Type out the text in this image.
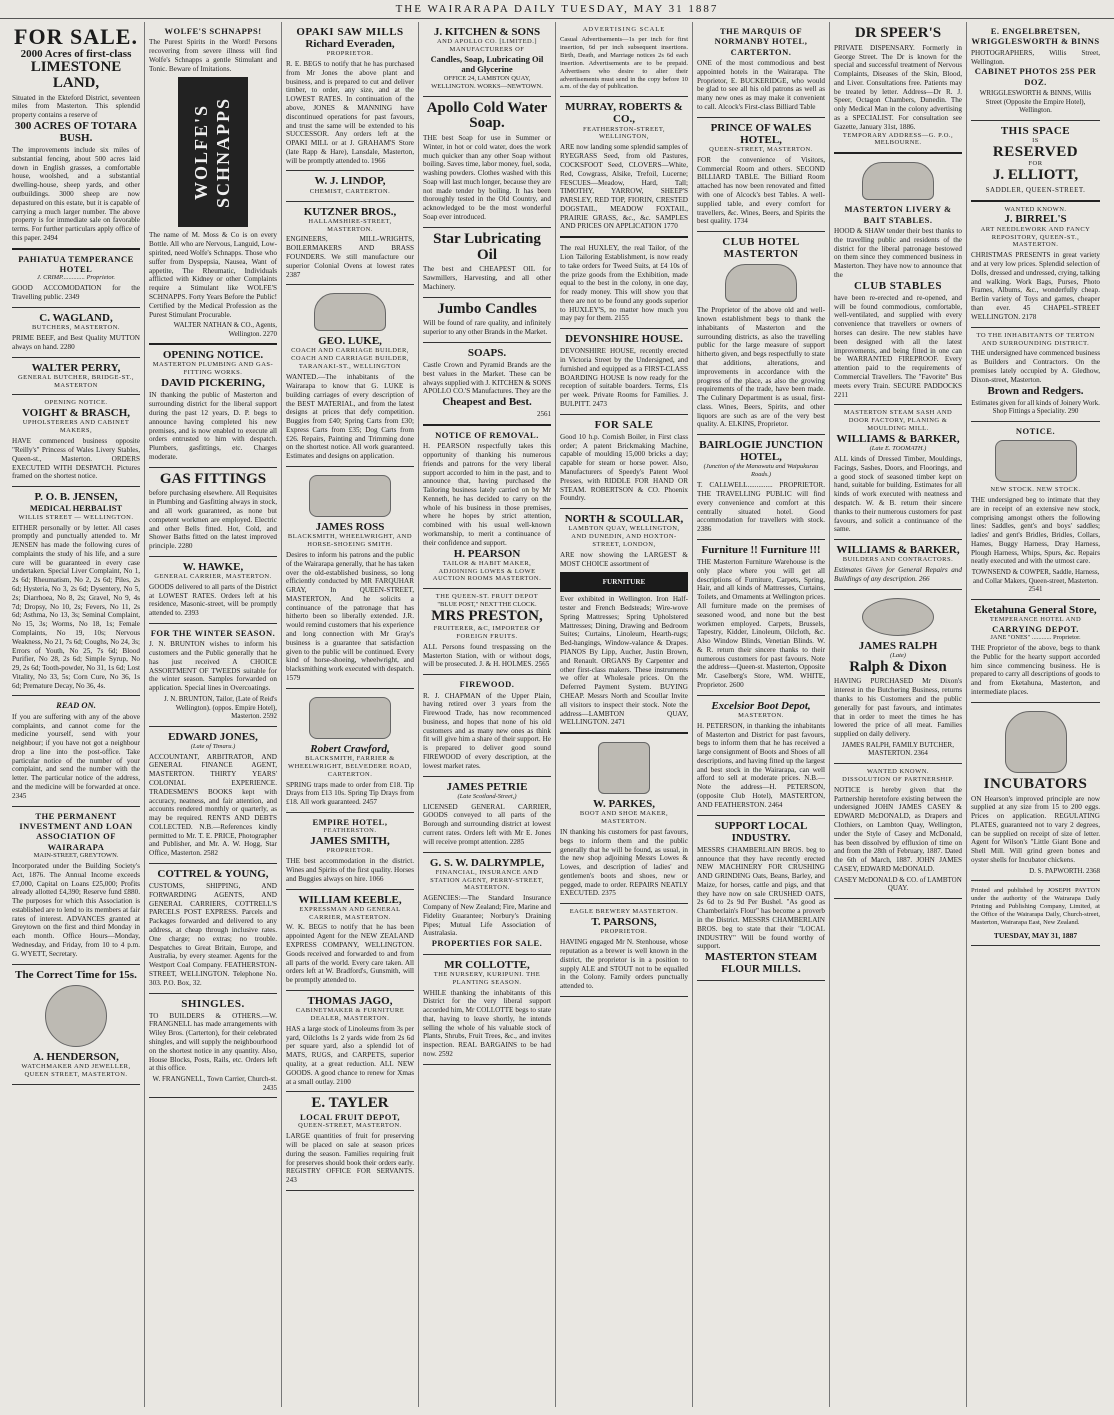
THE WAIRARAPA DAILY TUESDAY, MAY 31 1887
FOR SALE.
2000 Acres of first-class
LIMESTONE LAND,
Situated in the Ekteford District, seventeen miles from Masterton. This splendid property contains a reserve of
300 ACRES OF TOTARA BUSH.
The improvements include six miles of substantial fencing, about 500 acres laid down in English grasses, a comfortable house, woolshed, and a substantial dwelling-house, sheep yards, and other outbuildings. 3000 sheep are now depastured on this estate, but it is capable of carrying a much larger number. The above property is for immediate sale on favorable terms. For further particulars apply office of this paper. 2494
PAHIATUA TEMPERANCE HOTEL
J. CRIMP.............. Proprietor.
GOOD ACCOMODATION for the Travelling public. 2349
C. WAGLAND,
BUTCHERS, MASTERTON.
PRIME BEEF, and Best Quality MUTTON always on hand. 2280
WALTER PERRY,
GENERAL BUTCHER, BRIDGE-ST., MASTERTON
OPENING NOTICE.
VOIGHT & BRASCH,
UPHOLSTERERS AND CABINET MAKERS,
HAVE commenced business opposite "Reilly's" Princess of Wales Livery Stables, Queen-st., Masterton. ORDERS EXECUTED WITH DESPATCH. Pictures framed on the shortest notice.
P. O. B. JENSEN,
MEDICAL HERBALIST
WILLIS STREET — WELLINGTON.
EITHER personally or by letter. All cases promptly and punctually attended to. Mr JENSEN has made the following cures of complaints the study of his life, and a sure cure will be guaranteed in every case undertaken. Special Liver Complaint, No 1, 2s 6d; Rheumatism, No 2, 2s 6d; Piles, 2s 6d; Hysteria, No 3, 2s 6d; Dysentery, No 5, 2s; Diarrhoea, No 8, 2s; Gravel, No 9, 4s 7d; Dropsy, No 10, 2s; Fevers, No 11, 2s 6d; Asthma, No 13, 3s; Seminal Complaint, No 15, 3s; Worms, No 18, 1s; Female Complaints, No 19, 10s; Nervous Weakness, No 21, 7s 6d; Coughs, No 24, 3s; Errors of Youth, No 25, 7s 6d; Blood Purifier, No 28, 2s 6d; Simple Syrup, No 29, 2s 6d; Tooth-powder, No 31, 1s 6d; Lost Vitality, No 33, 5s; Corn Cure, No 36, 1s 6d; Premature Decay, No 36, 4s.
READ ON.
If you are suffering with any of the above complaints, and cannot come for the medicine yourself, send with your neighbour; if you have not got a neighbour drop a line into the post-office. Take particular notice of the number of your complaint, and send the number with the letter. The particular notice of the address, and the medicine will be forwarded at once. 2345
THE PERMANENT INVESTMENT AND LOAN ASSOCIATION OF WAIRARAPA
MAIN-STREET, GREYTOWN.
Incorporated under the Building Society's Act, 1876. The Annual Income exceeds £7,000, Capital on Loans £25,000; Profits already allotted £4,390; Reserve fund £880. The purposes for which this Association is established are to lend to its members at fair rates of interest. ADVANCES granted at Greytown on the first and third Monday in each month. Office Hours—Monday, Wednesday, and Friday, from 10 to 4 p.m. G. WYETT, Secretary.
The Correct Time for 15s.
A. HENDERSON,
WATCHMAKER AND JEWELLER, QUEEN STREET, MASTERTON.
WOLFE'S SCHNAPPS!
The Purest Spirits in the Word! Persons recovering from severe illness will find Wolfe's Schnapps a gentle Stimulant and Tonic. Beware of Imitations.
WOLFE'S SCHNAPPS
The name of M. Moss & Co is on every Bottle. All who are Nervous, Languid, Low-spirited, need Wolfe's Schnapps. Those who suffer from Dyspepsia, Nausea, Want of appetite, The Rheumatic, Individuals afflicted with Kidney or other Complaints require a Stimulant like WOLFE'S SCHNAPPS. Forty Years Before the Public! Certified by the Medical Profession as the Purest Stimulant Procurable.
WALTER NATHAN & CO., Agents, Wellington. 2270
OPENING NOTICE.
MASTERTON PLUMBING AND GAS-FITTING WORKS.
DAVID PICKERING,
IN thanking the public of Masterton and surrounding district for the liberal support during the past 12 years, D. P. begs to announce having completed his new premises, and is now enabled to execute all orders entrusted to him with despatch. Plumbers, gasfittings, etc. Charges moderate.
GAS FITTINGS
before purchasing elsewhere. All Requisites in Plumbing and Gasfitting always in stock, and all work guaranteed, as none but competent workmen are employed. Electric and other Bells fitted. Hot, Cold, and Shower Baths fitted on the latest improved principle. 2280
W. HAWKE,
GENERAL CARRIER, MASTERTON.
GOODS delivered to all parts of the District at LOWEST RATES. Orders left at his residence, Masonic-street, will be promptly attended to. 2393
FOR THE WINTER SEASON.
J. N. BRUNTON wishes to inform his customers and the Public generally that he has just received A CHOICE ASSORTMENT OF TWEEDS suitable for the winter season. Samples forwarded on application. Special lines in Overcoatings.
J. N. BRUNTON, Tailor, (Late of Reid's Wellington). (oppos. Empire Hotel), Masterton. 2592
EDWARD JONES,
(Late of Timaru.)
ACCOUNTANT, ARBITRATOR, AND GENERAL FINANCE AGENT, MASTERTON. THIRTY YEARS' COLONIAL EXPERIENCE. TRADESMEN'S BOOKS kept with accuracy, neatness, and fair attention, and accounts rendered monthly or quarterly, as may be required. RENTS AND DEBTS COLLECTED. N.B.—References kindly permitted to Mr. T. E. PRICE, Photographer and Publisher, and Mr. A. W. Hogg, Star Office, Masterton. 2582
COTTREL & YOUNG,
CUSTOMS, SHIPPING, AND FORWARDING AGENTS, AND GENERAL CARRIERS, COTTRELL'S PARCELS POST EXPRESS. Parcels and Packages forwarded and delivered to any address, at cheap through inclusive rates. One charge; no extras; no trouble. Despatches to Great Britain, Europe, and Australia, by every steamer. Agents for the Westport Coal Company. FEATHERSTON-STREET, WELLINGTON. Telephone No. 303. P.O. Box, 32.
SHINGLES.
TO BUILDERS & OTHERS.—W. FRANGNELL has made arrangements with Wiley Bros. (Carterton), for their celebrated shingles, and will supply the neighbourhood on the shortest notice in any quantity. Also, House Blocks, Posts, Rails, etc. Orders left at this office.
W. FRANGNELL, Town Carrier, Church-st. 2435
OPAKI SAW MILLS
Richard Everaden,
PROPRIETOR.
R. E. BEGS to notify that he has purchased from Mr Jones the above plant and business, and is prepared to cut and deliver timber, to order, any size, and at the LOWEST RATES. In continuation of the above, JONES & MANNING have discontinued operations for past favours, and trust the same will be extended to his SUCCESSOR. Any orders left at the OPAKI MILL or at J. GRAHAM'S Store (late Rapp & Hare), Lansdale, Masterton, will be promptly attended to. 1966
W. J. LINDOP,
CHEMIST, CARTERTON.
KUTZNER BROS.,
HALLAMSHIRE-STREET, MASTERTON.
ENGINEERS, MILL-WRIGHTS, BOILERMAKERS AND BRASS FOUNDERS. We still manufacture our superior Colonial Ovens at lowest rates 2387
GEO. LUKE,
COACH AND CARRIAGE BUILDER, COACH AND CARRIAGE BUILDER, TARANAKI-ST., WELLINGTON
WANTED.—The inhabitants of the Wairarapa to know that G. LUKE is building carriages of every description of the BEST MATERIAL, and from the latest designs at prices that defy competition. Buggies from £40; Spring Carts from £30; Express Carts from £35; Dog Carts from £26. Repairs, Painting and Trimming done on the shortest notice. All work guaranteed. Estimates and designs on application.
JAMES ROSS
BLACKSMITH, WHEELWRIGHT, AND HORSE-SHOEING SMITH.
Desires to inform his patrons and the public of the Wairarapa generally, that he has taken over the old-established business, so long efficiently conducted by MR FARQUHAR GRAY, In QUEEN-STREET, MASTERTON, And he solicits a continuance of the patronage that has hitherto been so liberally extended. J.R. would remind customers that his experience and long connection with Mr Gray's business is a guarantee that satisfaction given to the public will be continued. Every kind of horse-shoeing, wheelwright, and blacksmithing work executed with despatch. 1579
Robert Crawford,
BLACKSMITH, FARRIER & WHEELWRIGHT, BELVEDERE ROAD, CARTERTON.
SPRING traps made to order from £18. Tip Drays from £13 10s. Spring Tip Drays from £18. All work guaranteed. 2457
EMPIRE HOTEL,
FEATHERSTON.
JAMES SMITH,
PROPRIETOR.
THE best accommodation in the district. Wines and Spirits of the first quality. Horses and Buggies always on hire. 1066
WILLIAM KEEBLE,
EXPRESSMAN AND GENERAL CARRIER, MASTERTON.
W. K. BEGS to notify that he has been appointed Agent for the NEW ZEALAND EXPRESS COMPANY, WELLINGTON. Goods received and forwarded to and from all parts of the world. Every care taken. All orders left at W. Bradford's, Gunsmith, will be promptly attended to.
THOMAS JAGO,
CABINETMAKER & FURNITURE DEALER, MASTERTON.
HAS a large stock of Linoleums from 3s per yard, Oilcloths 1s 2 yards wide from 2s 6d per square yard, also a splendid lot of MATS, RUGS, and CARPETS, superior quality, at a great reduction. ALL NEW GOODS. A good chance to renew for Xmas at a small outlay. 2100
E. TAYLER
LOCAL FRUIT DEPOT,
QUEEN-STREET, MASTERTON.
LARGE quantities of fruit for preserving will be placed on sale at season prices during the season. Families requiring fruit for preserves should book their orders early. REGISTRY OFFICE FOR SERVANTS. 243
J. KITCHEN & SONS
AND APOLLO CO. [LIMITED.] MANUFACTURERS OF
Candles, Soap, Lubricating Oil and Glycerine
OFFICE 24, LAMBTON QUAY, WELLINGTON. WORKS—NEWTOWN.
Apollo Cold Water Soap.
THE best Soap for use in Summer or Winter, in hot or cold water, does the work much quicker than any other Soap without boiling. Saves time, labor money, fuel, soda, washing powders. Clothes washed with this Soap will last much longer, because they are not made tender by boiling. It has been thoroughly tested in the Old Country, and acknowledged to be the most wonderful Soap ever introduced.
Star Lubricating Oil
The best and CHEAPEST OIL for Sawmillers, Harvesting, and all other Machinery.
Jumbo Candles
Will be found of rare quality, and infinitely superior to any other Brands in the Market.
SOAPS.
Castle Crown and Pyramid Brands are the best values in the Market. These can be always supplied with J. KITCHEN & SONS APOLLO CO.'S Manufactures. They are the
Cheapest and Best.
2561
NOTICE OF REMOVAL.
H. PEARSON respectfully takes this opportunity of thanking his numerous friends and patrons for the very liberal support accorded to him in the past, and to announce that, having purchased the Tailoring business lately carried on by Mr Kenneth, he has decided to carry on the whole of his business in those premises, where he hopes by strict attention, combined with his usual well-known workmanship, to merit a continuance of their confidence and support.
H. PEARSON
TAILOR & HABIT MAKER, ADJOINING LOWES & LOWE AUCTION ROOMS MASTERTON.
THE QUEEN-ST. FRUIT DEPOT
"BLUE POST," NEXT THE CLOCK.
MRS PRESTON,
FRUITERER, &C, IMPORTER OF FOREIGN FRUITS.
ALL Persons found trespassing on the Masterton Station, with or without dogs, will be prosecuted. J. & H. HOLMES. 2565
FIREWOOD.
R. J. CHAPMAN of the Upper Plain, having retired over 3 years from the Firewood Trade, has now recommenced business, and hopes that none of his old customers and as many new ones as think fit will give him a share of their support. He is prepared to deliver good sound FIREWOOD of every description, at the lowest market rates.
JAMES PETRIE
(Late Scotland-Street,)
LICENSED GENERAL CARRIER, GOODS conveyed to all parts of the Borough and surrounding district at lowest current rates. Orders left with Mr E. Jones will receive prompt attention. 2285
G. S. W. DALRYMPLE,
FINANCIAL, INSURANCE AND STATION AGENT, PERRY-STREET, MASTERTON.
AGENCIES:—The Standard Insurance Company of New Zealand; Fire, Marine and Fidelity Guarantee; Norbury's Draining Pipes; Mutual Life Association of Australasia.
PROPERTIES FOR SALE.
MR COLLOTTE,
THE NURSERY, KURIPUNI. THE PLANTING SEASON.
WHILE thanking the inhabitants of this District for the very liberal support accorded him, Mr COLLOTTE begs to state that, having to leave shortly, he intends selling the whole of his valuable stock of Plants, Shrubs, Fruit Trees, &c., and invites inspection. REAL BARGAINS to be had now. 2592
ADVERTISING SCALE
Casual Advertisements—1s per inch for first insertion, 6d per inch subsequent insertions. Birth, Death, and Marriage notices 2s 6d each insertion. Advertisements are to be prepaid. Advertisers who desire to alter their advertisements must send in the copy before 10 a.m. of the day of publication.
MURRAY, ROBERTS & CO.,
FEATHERSTON-STREET, WELLINGTON,
ARE now landing some splendid samples of RYEGRASS Seed, from old Pastures, COCKSFOOT Seed, CLOVERS—White, Red, Cowgrass, Alsike, Trefoil, Lucerne; FESCUES—Meadow, Hard, Tall; TIMOTHY, YARROW, SHEEP'S PARSLEY, RED TOP, FIORIN, CRESTED DOGSTAIL, MEADOW FOXTAIL, PRAIRIE GRASS, &c., &c. SAMPLES AND PRICES ON APPLICATION 1770
The real HUXLEY, the real Tailor, of the Lion Tailoring Establishment, is now ready to take orders for Tweed Suits, at £4 10s of the prize goods from the Exhibition, made equal to the best in the colony, in one day, for ready money. This will show you that there are not to be found any goods superior to HUXLEY'S, no matter how much you may pay for them. 2155
DEVONSHIRE HOUSE.
DEVONSHIRE HOUSE, recently erected in Victoria Street by the Undersigned, and furnished and equipped as a FIRST-CLASS BOARDING HOUSE Is now ready for the reception of suitable boarders. Terms, £1s per week. Private Rooms for Families. J. BULPITT. 2473
FOR SALE
Good 10 h.p. Cornish Boiler, in First class order; A patent Brickmaking Machine, capable of moulding 15,000 bricks a day; capable for steam or horse power. Also, Manufacturers of Speedy's Patent Wool Presses, with RIDDLE FOR HAND OR STEAM. ROBERTSON & CO. Phoenix Foundry.
NORTH & SCOULLAR,
LAMBTON QUAY, WELLINGTON, AND DUNEDIN, AND HOXTON-STREET, LONDON,
ARE now showing the LARGEST & MOST CHOICE assortment of
FURNITURE
Ever exhibited in Wellington. Iron Half-tester and French Bedsteads; Wire-wove Spring Mattresses; Spring Upholstered Mattresses; Dining, Drawing and Bedroom Suites; Curtains, Linoleum, Hearth-rugs; Bed-hangings, Window-valance & Drapes. PIANOS By Lipp, Aucher, Justin Brown, and Renault. ORGANS By Carpenter and other first-class makers. These instruments we offer at Wholesale prices. On the Deferred Payment System. BUYING CHEAP. Messrs North and Scoullar Invite all visitors to inspect their stock. Note the address—LAMBTON QUAY, WELLINGTON. 2471
W. PARKES,
BOOT AND SHOE MAKER, MASTERTON.
IN thanking his customers for past favours, begs to inform them and the public generally that he will be found, as usual, in the new shop adjoining Messrs Lowes & Lowes, and description of ladies' and gentlemen's boots and shoes, new or pegged, made to order. REPAIRS NEATLY EXECUTED. 2375
EAGLE BREWERY MASTERTON.
T. PARSONS,
PROPRIETOR.
HAVING engaged Mr N. Stenhouse, whose reputation as a brewer is well known in the district, the proprietor is in a position to supply ALE and STOUT not to be equalled in the Colony. Family orders punctually attended to.
THE MARQUIS OF NORMANBY HOTEL, CARTERTON.
ONE of the most commodious and best appointed hotels in the Wairarapa. The Proprietor, E. BUCKERIDGE, who would be glad to see all his old patrons as well as many new ones as may make it convenient to call. Alcock's First-class Billiard Table
PRINCE OF WALES HOTEL,
QUEEN-STREET, MASTERTON.
FOR the convenience of Visitors, Commercial Room and others. SECOND BILLIARD TABLE. The Billiard Room attached has now been renovated and fitted with one of Alcock's best Tables. A well-supplied table, and every comfort for travellers, &c. Wines, Beers, and Spirits the best quality. 1734
CLUB HOTEL MASTERTON
The Proprietor of the above old and well-known establishment begs to thank the inhabitants of Masterton and the surrounding districts, as also the travelling public for the large measure of support hitherto given, and begs respectfully to state that additions, alterations, and improvements in accordance with the progress of the place, as also the growing requirements of the trade, have been made. The Culinary Department is as usual, first-class. Wines, Beers, Spirits, and other liquors are such as are of the very best quality. A. ELKINS, Proprietor.
BAIRLOGIE JUNCTION HOTEL,
(Junction of the Manawatu and Waipukurau Roads.)
T. CALLWELL.............. PROPRIETOR. THE TRAVELLING PUBLIC will find every convenience and comfort at this centrally situated hotel. Good accommodation for travellers with stock. 2386
Furniture !! Furniture !!!
THE Masterton Furniture Warehouse is the only place where you will get all descriptions of Furniture, Carpets, Spring, Hair, and all kinds of Mattresses, Curtains, Toilets, and Ornaments at Wellington prices. All furniture made on the premises of seasoned wood, and none but the best workmen employed. Carpets, Brussels, Tapestry, Kidder, Linoleum, Oilcloth, &c. Also Window Blinds, Venetian Blinds. W. & R. return their sincere thanks to their numerous customers for past favours. Note the address—Queen-st. Masterton, Opposite Mr. Caselberg's Store, WM. WHITE, Proprietor. 2600
Excelsior Boot Depot,
MASTERTON.
H. PETERSON, in thanking the inhabitants of Masterton and District for past favours, begs to inform them that he has received a large consignment of Boots and Shoes of all descriptions, and having fitted up the largest and best stock in the Wairarapa, can well afford to sell at moderate prices. N.B.—Note the address—H. PETERSON, (opposite Club Hotel), MASTERTON, AND FEATHERSTON. 2464
SUPPORT LOCAL INDUSTRY.
MESSRS CHAMBERLAIN BROS. beg to announce that they have recently erected NEW MACHINERY FOR CRUSHING AND GRINDING Oats, Beans, Barley, and Maize, for horses, cattle and pigs, and that they have now on sale CRUSHED OATS, 2s 6d to 2s 9d Per Bushel. "As good as Chamberlain's Flour" has become a proverb in the District. MESSRS CHAMBERLAIN BROS. beg to state that their "LOCAL INDUSTRY" Will be found worthy of support.
MASTERTON STEAM FLOUR MILLS.
DR SPEER'S
PRIVATE DISPENSARY. Formerly in George Street. The Dr is known for the special and successful treatment of Nervous Complaints, Diseases of the Skin, Blood, and Liver. Consultations free. Patients may be treated by letter. Address—Dr R. J. Speer, Octagon Chambers, Dunedin. The only Medical Man in the colony advertising as a SPECIALIST. For consultation see Gazette, January 31st, 1886.
TEMPORARY ADDRESS—G. P.O., MELBOURNE.
MASTERTON LIVERY & BAIT STABLES.
HOOD & SHAW tender their best thanks to the travelling public and residents of the district for the liberal patronage bestowed on them since they commenced business in Masterton. They have now to announce that the
CLUB STABLES
have been re-erected and re-opened, and will be found commodious, comfortable, well-ventilated, and supplied with every convenience that travellers or owners of horses can desire. The new stables have been designed with all the latest improvements, and being fitted in one can be WARRANTED FIREPROOF. Every attention paid to the requirements of Commercial Travellers. The "Favorite" Bus meets every Train. SECURE PADDOCKS 2211
MASTERTON STEAM SASH AND DOOR FACTORY, PLANING & MOULDING MILL.
WILLIAMS & BARKER,
(Late E. TOOMATH.)
ALL kinds of Dressed Timber, Mouldings, Facings, Sashes, Doors, and Floorings, and a good stock of seasoned timber kept on hand, suitable for building. Estimates for all kinds of work executed with neatness and despatch. W. & B. return their sincere thanks to their numerous customers for past favours, and solicit a continuance of the same.
WILLIAMS & BARKER,
BUILDERS AND CONTRACTORS.
Estimates Given for General Repairs and Buildings of any description. 266
JAMES RALPH
(Late)
Ralph & Dixon
HAVING PURCHASED Mr Dixon's interest in the Butchering Business, returns thanks to his Customers and the public generally for past favours, and intimates that in order to meet the times he has lowered the price of all meat. Families supplied on daily delivery.
JAMES RALPH, FAMILY BUTCHER, MASTERTON. 2364
WANTED KNOWN.
DISSOLUTION OF PARTNERSHIP.
NOTICE is hereby given that the Partnership heretofore existing between the undersigned JOHN JAMES CASEY & EDWARD McDONALD, as Drapers and Clothiers, on Lambton Quay, Wellington, under the Style of Casey and McDonald, has been dissolved by effluxion of time on and from the 28th of February, 1887. Dated the 6th of March, 1887. JOHN JAMES CASEY, EDWARD McDONALD.
CASEY McDONALD & CO. of LAMBTON QUAY.
E. ENGELBRETSEN,
WRIGGLESWORTH & BINNS
PHOTOGRAPHERS, Willis Street, Wellington.
CABINET PHOTOS 25S PER DOZ.
WRIGGLESWORTH & BINNS, Willis Street (Opposite the Empire Hotel), Wellington.
THIS SPACE
IS
RESERVED
FOR
J. ELLIOTT,
SADDLER, QUEEN-STREET.
WANTED KNOWN.
J. BIRREL'S
ART NEEDLEWORK AND FANCY REPOSITORY, QUEEN-ST., MASTERTON.
CHRISTMAS PRESENTS in great variety and at very low prices. Splendid selection of Dolls, dressed and undressed, crying, talking and walking. Work Bags, Purses, Photo Frames, Albums, &c., wonderfully cheap. Berlin variety of Toys and games, cheaper than ever. 45 CHAPEL-STREET WELLINGTON. 2178
TO THE INHABITANTS OF TERTON AND SURROUNDING DISTRICT.
THE undersigned have commenced business as Builders and Contractors. On the premises lately occupied by A. Gledhow, Dixon-street, Masterton.
Brown and Redgers.
Estimates given for all kinds of Joinery Work. Shop Fittings a Speciality. 290
NOTICE.
NEW STOCK. NEW STOCK.
THE undersigned beg to intimate that they are in receipt of an extensive new stock, comprising amongst others the following lines: Saddles, gent's and boys' saddles; ladies' and gent's Bridles, Bridles, Collars, Hames, Buggy Harness, Dray Harness, Plough Harness, Whips, Spurs, &c. Repairs neatly executed and with the utmost care.
TOWNSEND & COWPER, Saddle, Harness, and Collar Makers, Queen-street, Masterton. 2541
Eketahuna General Store,
TEMPERANCE HOTEL AND
CARRYING DEPOT.
JANE "ONES" ............ Proprietor.
THE Proprietor of the above, begs to thank the Public for the hearty support accorded him since commencing business. He is prepared to carry all descriptions of goods to and from Eketahuna, Masterton, and intermediate places.
INCUBATORS
ON Hearson's improved principle are now supplied at any size from 15 to 200 eggs. Prices on application. REGULATING PLATES, guaranteed not to vary 2 degrees, can be supplied on receipt of size of letter. Agent for Wilson's "Little Giant Bone and Shell Mill. Will grind green bones and oyster shells for Incubator chickens.
D. S. PAPWORTH. 2368
Printed and published by JOSEPH PAYTON under the authority of the Wairarapa Daily Printing and Publishing Company, Limited, at the Office of the Wairarapa Daily, Church-street, Masterton, Wairarapa East, New Zealand.
TUESDAY, MAY 31, 1887
